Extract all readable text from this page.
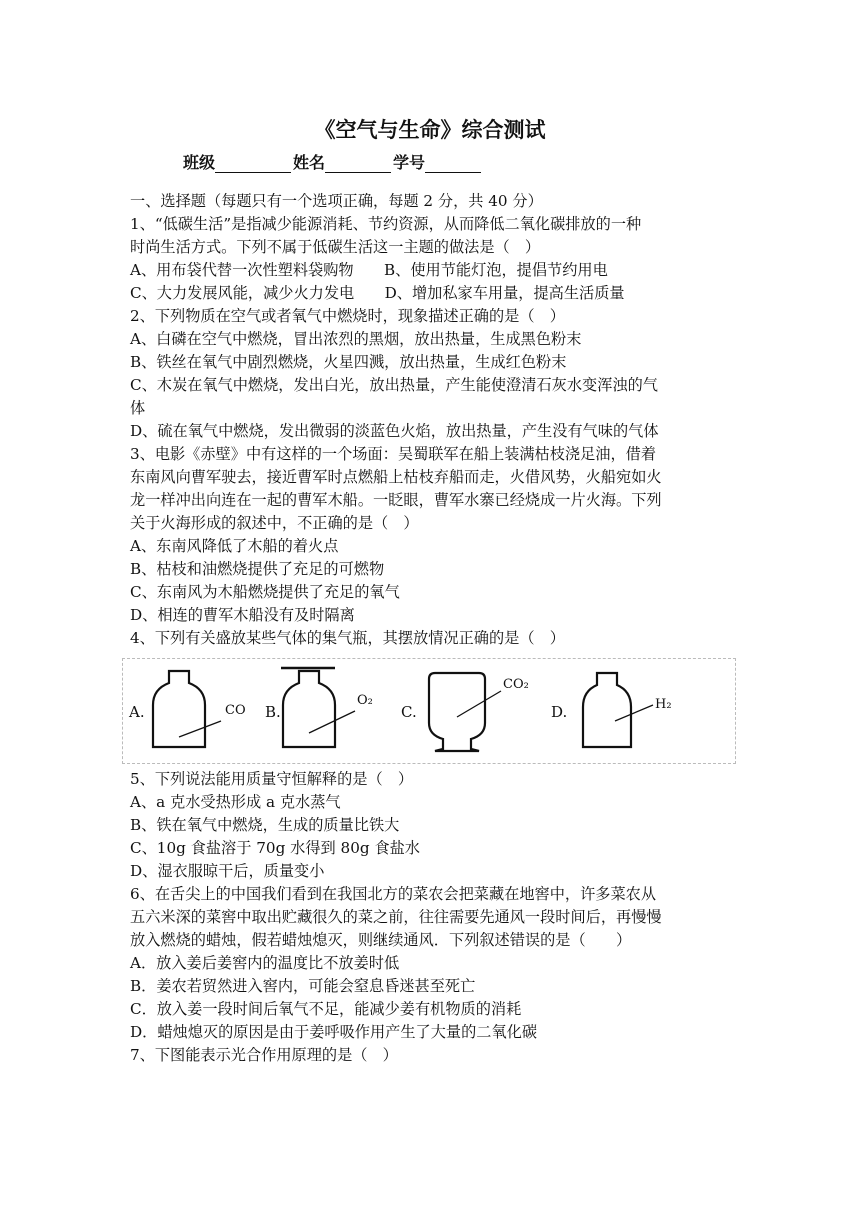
《空气与生命》综合测试
班级	姓名	学号

一、选择题（每题只有一个选项正确，每题 2 分，共 40 分）

1、“低碳生活”是指减少能源消耗、节约资源，从而降低二氧化碳排放的一种

时尚生活方式。下列不属于低碳生活这一主题的做法是（　）

A、用布袋代替一次性塑料袋购物　　B、使用节能灯泡，提倡节约用电

C、大力发展风能，减少火力发电　　D、增加私家车用量，提高生活质量

2、下列物质在空气或者氧气中燃烧时，现象描述正确的是（　）

A、白磷在空气中燃烧，冒出浓烈的黑烟，放出热量，生成黑色粉末

B、铁丝在氧气中剧烈燃烧，火星四溅，放出热量，生成红色粉末

C、木炭在氧气中燃烧，发出白光，放出热量，产生能使澄清石灰水变浑浊的气

体

D、硫在氧气中燃烧，发出微弱的淡蓝色火焰，放出热量，产生没有气味的气体

3、电影《赤壁》中有这样的一个场面：吴蜀联军在船上装满枯枝浇足油，借着

东南风向曹军驶去，接近曹军时点燃船上枯枝弃船而走，火借风势，火船宛如火

龙一样冲出向连在一起的曹军木船。一眨眼，曹军水寨已经烧成一片火海。下列

关于火海形成的叙述中，不正确的是（　）

A、东南风降低了木船的着火点

B、枯枝和油燃烧提供了充足的可燃物

C、东南风为木船燃烧提供了充足的氧气

D、相连的曹军木船没有及时隔离

4、下列有关盛放某些气体的集气瓶，其摆放情况正确的是（　）

A.	CO B.
O₂
C.
CO₂
D.	H₂

5、下列说法能用质量守恒解释的是（　）

A、a 克水受热形成 a 克水蒸气

B、铁在氧气中燃烧，生成的质量比铁大

C、10g 食盐溶于 70g 水得到 80g 食盐水

D、湿衣服晾干后，质量变小

6、在舌尖上的中国我们看到在我国北方的菜农会把菜藏在地窖中，许多菜农从

五六米深的菜窖中取出贮藏很久的菜之前，往往需要先通风一段时间后，再慢慢

放入燃烧的蜡烛，假若蜡烛熄灭，则继续通风．下列叙述错误的是（　　）

A．放入姜后姜窖内的温度比不放姜时低

B．姜农若贸然进入窖内，可能会窒息昏迷甚至死亡

C．放入姜一段时间后氧气不足，能减少姜有机物质的消耗

D．蜡烛熄灭的原因是由于姜呼吸作用产生了大量的二氧化碳

7、下图能表示光合作用原理的是（　）
